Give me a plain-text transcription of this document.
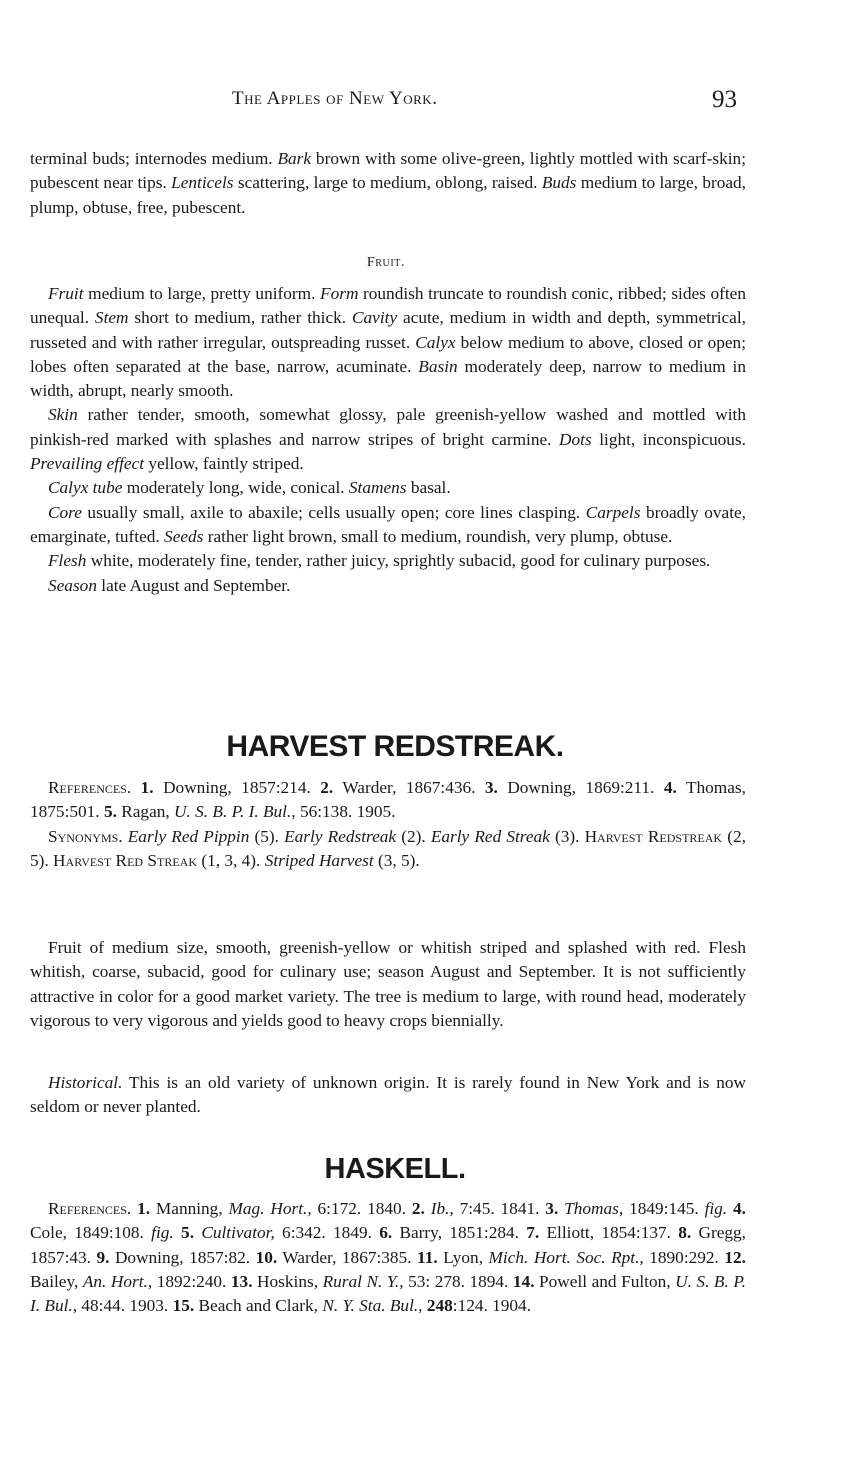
The Apples of New York.	93

terminal buds; internodes medium. Bark brown with some olive-green, lightly mottled with scarf-skin; pubescent near tips. Lenticels scattering, large to medium, oblong, raised. Buds medium to large, broad, plump, obtuse, free, pubescent.

Fruit.

Fruit medium to large, pretty uniform. Form roundish truncate to roundish conic, ribbed; sides often unequal. Stem short to medium, rather thick. Cavity acute, medium in width and depth, symmetrical, russeted and with rather irregular, outspreading russet. Calyx below medium to above, closed or open; lobes often separated at the base, narrow, acuminate. Basin moderately deep, narrow to medium in width, abrupt, nearly smooth.

Skin rather tender, smooth, somewhat glossy, pale greenish-yellow washed and mottled with pinkish-red marked with splashes and narrow stripes of bright carmine. Dots light, inconspicuous. Prevailing effect yellow, faintly striped.

Calyx tube moderately long, wide, conical. Stamens basal.

Core usually small, axile to abaxile; cells usually open; core lines clasping. Carpels broadly ovate, emarginate, tufted. Seeds rather light brown, small to medium, roundish, very plump, obtuse.

Flesh white, moderately fine, tender, rather juicy, sprightly subacid, good for culinary purposes.

Season late August and September.

HARVEST REDSTREAK.

References. 1. Downing, 1857:214. 2. Warder, 1867:436. 3. Downing, 1869:211. 4. Thomas, 1875:501. 5. Ragan, U. S. B. P. I. Bul., 56:138. 1905.

Synonyms. Early Red Pippin (5). Early Redstreak (2). Early Red Streak (3). Harvest Redstreak (2, 5). Harvest Red Streak (1, 3, 4). Striped Harvest (3, 5).

Fruit of medium size, smooth, greenish-yellow or whitish striped and splashed with red. Flesh whitish, coarse, subacid, good for culinary use; season August and September. It is not sufficiently attractive in color for a good market variety. The tree is medium to large, with round head, moderately vigorous to very vigorous and yields good to heavy crops biennially.

Historical. This is an old variety of unknown origin. It is rarely found in New York and is now seldom or never planted.

HASKELL.

References. 1. Manning, Mag. Hort., 6:172. 1840. 2. Ib., 7:45. 1841. 3. Thomas, 1849:145. fig. 4. Cole, 1849:108. fig. 5. Cultivator, 6:342. 1849. 6. Barry, 1851:284. 7. Elliott, 1854:137. 8. Gregg, 1857:43. 9. Downing, 1857:82. 10. Warder, 1867:385. 11. Lyon, Mich. Hort. Soc. Rpt., 1890:292. 12. Bailey, An. Hort., 1892:240. 13. Hoskins, Rural N. Y., 53: 278. 1894. 14. Powell and Fulton, U. S. B. P. I. Bul., 48:44. 1903. 15. Beach and Clark, N. Y. Sta. Bul., 248:124. 1904.
